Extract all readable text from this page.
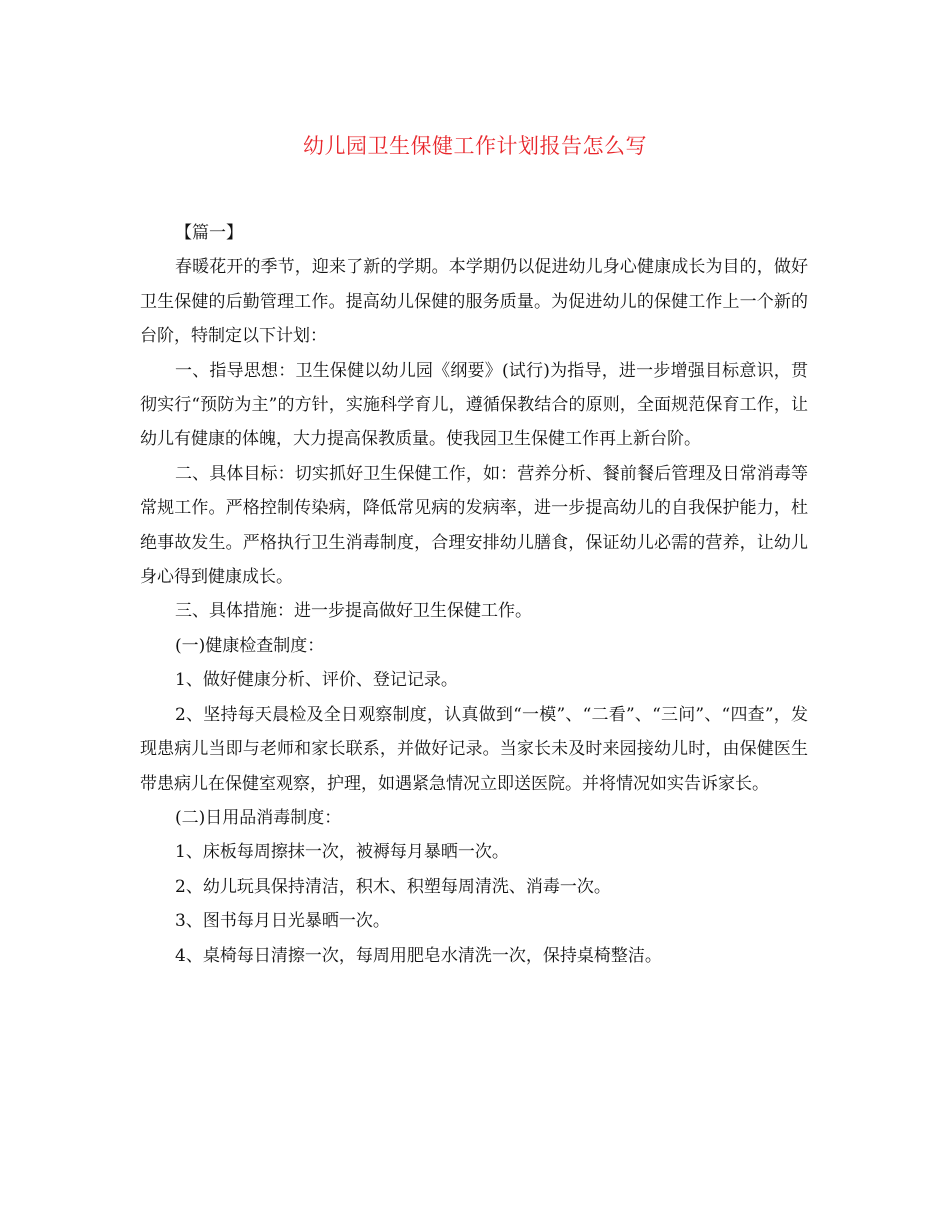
幼儿园卫生保健工作计划报告怎么写

【篇一】

春暖花开的季节，迎来了新的学期。本学期仍以促进幼儿身心健康成长为目的，做好卫生保健的后勤管理工作。提高幼儿保健的服务质量。为促进幼儿的保健工作上一个新的台阶，特制定以下计划：

一、指导思想：卫生保健以幼儿园《纲要》(试行)为指导，进一步增强目标意识，贯彻实行“预防为主”的方针，实施科学育儿，遵循保教结合的原则，全面规范保育工作，让幼儿有健康的体魄，大力提高保教质量。使我园卫生保健工作再上新台阶。

二、具体目标：切实抓好卫生保健工作，如：营养分析、餐前餐后管理及日常消毒等常规工作。严格控制传染病，降低常见病的发病率，进一步提高幼儿的自我保护能力，杜绝事故发生。严格执行卫生消毒制度，合理安排幼儿膳食，保证幼儿必需的营养，让幼儿身心得到健康成长。

三、具体措施：进一步提高做好卫生保健工作。

(一)健康检查制度：

1、做好健康分析、评价、登记记录。

2、坚持每天晨检及全日观察制度，认真做到“一模”、“二看”、“三问”、“四查”，发现患病儿当即与老师和家长联系，并做好记录。当家长未及时来园接幼儿时，由保健医生带患病儿在保健室观察，护理，如遇紧急情况立即送医院。并将情况如实告诉家长。

(二)日用品消毒制度：

1、床板每周擦抹一次，被褥每月暴晒一次。

2、幼儿玩具保持清洁，积木、积塑每周清洗、消毒一次。

3、图书每月日光暴晒一次。

4、桌椅每日清擦一次，每周用肥皂水清洗一次，保持桌椅整洁。
